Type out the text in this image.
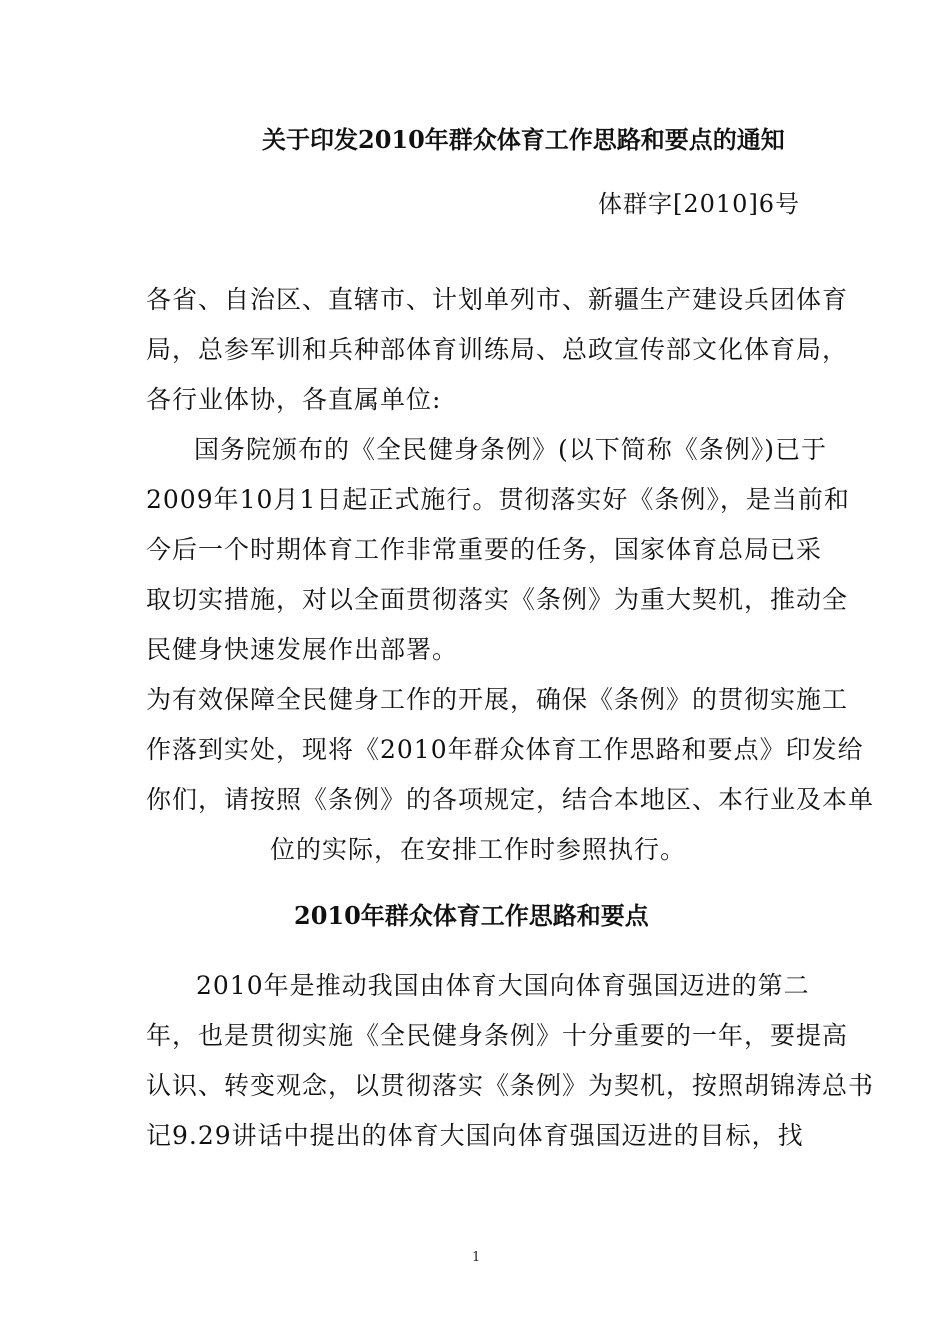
关于印发2010年群众体育工作思路和要点的通知
体群字[2010]6号
各省、自治区、直辖市、计划单列市、新疆生产建设兵团体育
局，总参军训和兵种部体育训练局、总政宣传部文化体育局，
各行业体协，各直属单位:
国务院颁布的《全民健身条例》(以下简称《条例》)已于
2009年10月1日起正式施行。贯彻落实好《条例》，是当前和
今后一个时期体育工作非常重要的任务，国家体育总局已采
取切实措施，对以全面贯彻落实《条例》为重大契机，推动全
民健身快速发展作出部署。
为有效保障全民健身工作的开展，确保《条例》的贯彻实施工
作落到实处，现将《2010年群众体育工作思路和要点》印发给
你们，请按照《条例》的各项规定，结合本地区、本行业及本单
位的实际，在安排工作时参照执行。
2010年群众体育工作思路和要点
2010年是推动我国由体育大国向体育强国迈进的第二
年，也是贯彻实施《全民健身条例》十分重要的一年，要提高
认识、转变观念，以贯彻落实《条例》为契机，按照胡锦涛总书
记9.29讲话中提出的体育大国向体育强国迈进的目标，找
1
